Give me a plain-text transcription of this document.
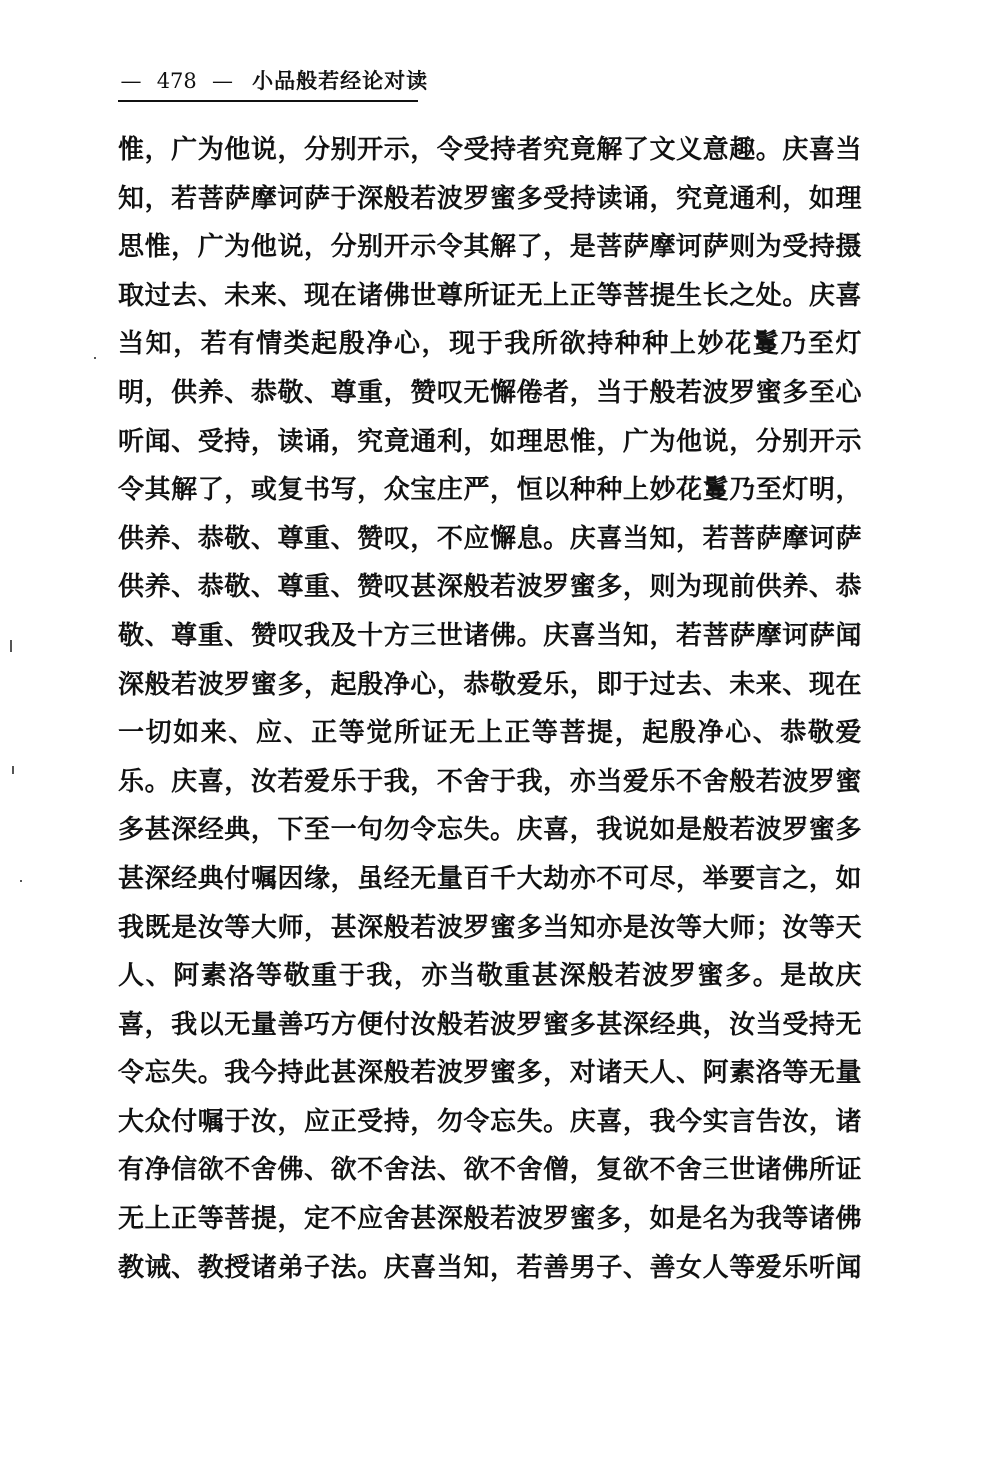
— 478 — 小品般若经论对读
惟，广为他说，分别开示，令受持者究竟解了文义意趣。庆喜当
知，若菩萨摩诃萨于深般若波罗蜜多受持读诵，究竟通利，如理
思惟，广为他说，分别开示令其解了，是菩萨摩诃萨则为受持摄
取过去、未来、现在诸佛世尊所证无上正等菩提生长之处。庆喜
当知，若有情类起殷净心，现于我所欲持种种上妙花鬘乃至灯
明，供养、恭敬、尊重，赞叹无懈倦者，当于般若波罗蜜多至心
听闻、受持，读诵，究竟通利，如理思惟，广为他说，分别开示
令其解了，或复书写，众宝庄严，恒以种种上妙花鬘乃至灯明，
供养、恭敬、尊重、赞叹，不应懈息。庆喜当知，若菩萨摩诃萨
供养、恭敬、尊重、赞叹甚深般若波罗蜜多，则为现前供养、恭
敬、尊重、赞叹我及十方三世诸佛。庆喜当知，若菩萨摩诃萨闻
深般若波罗蜜多，起殷净心，恭敬爱乐，即于过去、未来、现在
一切如来、应、正等觉所证无上正等菩提，起殷净心、恭敬爱
乐。庆喜，汝若爱乐于我，不舍于我，亦当爱乐不舍般若波罗蜜
多甚深经典，下至一句勿令忘失。庆喜，我说如是般若波罗蜜多
甚深经典付嘱因缘，虽经无量百千大劫亦不可尽，举要言之，如
我既是汝等大师，甚深般若波罗蜜多当知亦是汝等大师；汝等天
人、阿素洛等敬重于我，亦当敬重甚深般若波罗蜜多。是故庆
喜，我以无量善巧方便付汝般若波罗蜜多甚深经典，汝当受持无
令忘失。我今持此甚深般若波罗蜜多，对诸天人、阿素洛等无量
大众付嘱于汝，应正受持，勿令忘失。庆喜，我今实言告汝，诸
有净信欲不舍佛、欲不舍法、欲不舍僧，复欲不舍三世诸佛所证
无上正等菩提，定不应舍甚深般若波罗蜜多，如是名为我等诸佛
教诫、教授诸弟子法。庆喜当知，若善男子、善女人等爱乐听闻
